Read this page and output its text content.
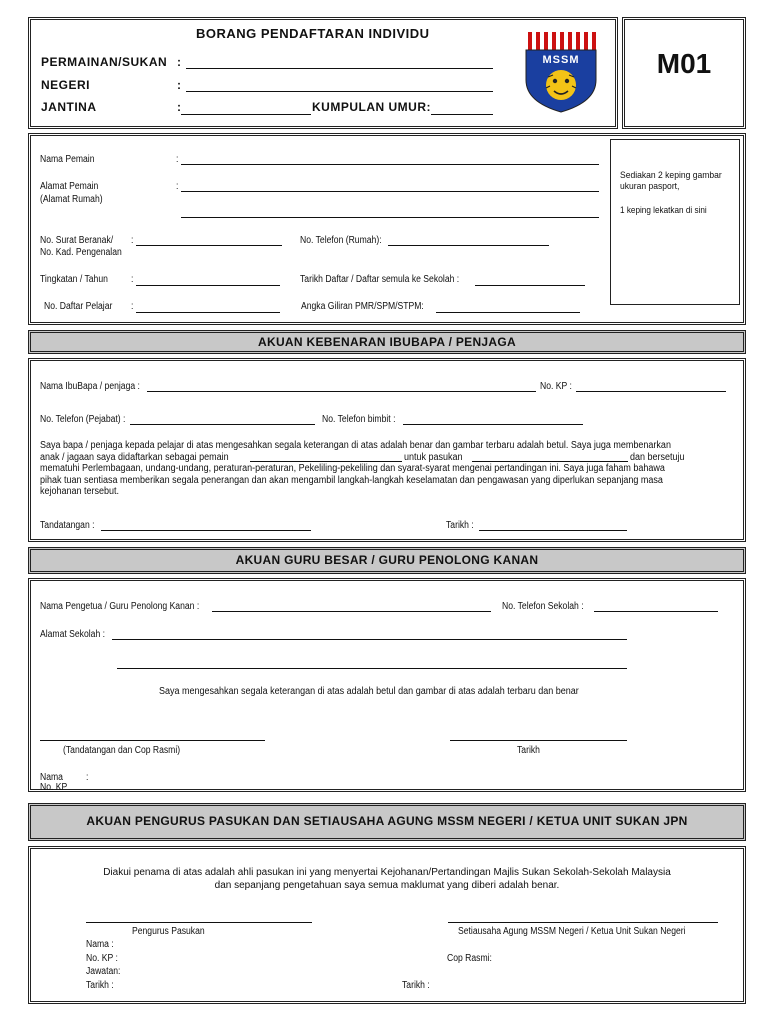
BORANG PENDAFTARAN INDIVIDU
PERMAINAN/SUKAN :
NEGERI	:
JANTINA	:	KUMPULAN UMUR:
MSSM	M01
Nama Pemain	:
Alamat Pemain
(Alamat Rumah)
:
No. Surat Beranak/
No. Kad. Pengenalan
:	No. Telefon (Rumah):
Tingkatan / Tahun :	Tarikh Daftar / Daftar semula ke Sekolah :
No. Daftar Pelajar :	Angka Giliran PMR/SPM/STPM:
Sediakan 2 keping gambar ukuran pasport,
1 keping lekatkan di sini
AKUAN KEBENARAN IBUBAPA / PENJAGA
Nama IbuBapa / penjaga :	No. KP :
No. Telefon (Pejabat) :	No. Telefon bimbit :
Saya bapa / penjaga kepada pelajar di atas mengesahkan segala keterangan di atas adalah benar dan gambar terbaru adalah betul. Saya juga membenarkan
anak / jagaan saya didaftarkan sebagai pemain	untuk pasukan	dan bersetuju
mematuhi Perlembagaan, undang-undang, peraturan-peraturan, Pekeliling-pekeliling dan syarat-syarat mengenai pertandingan ini. Saya juga faham bahawa
pihak tuan sentiasa memberikan segala penerangan dan akan mengambil langkah-langkah keselamatan dan pengawasan yang diperlukan sepanjang masa
kejohanan tersebut.
Tandatangan :	Tarikh :
AKUAN GURU BESAR / GURU PENOLONG KANAN
Nama Pengetua / Guru Penolong Kanan :	No. Telefon Sekolah :
Alamat Sekolah :
Saya mengesahkan segala keterangan di atas adalah betul dan gambar di atas adalah terbaru dan benar
(Tandatangan dan Cop Rasmi)	Tarikh
Nama :
No. KP
AKUAN PENGURUS PASUKAN DAN SETIAUSAHA AGUNG MSSM NEGERI / KETUA UNIT SUKAN JPN
Diakui penama di atas adalah ahli pasukan ini yang menyertai Kejohanan/Pertandingan Majlis Sukan Sekolah-Sekolah Malaysia
dan sepanjang pengetahuan saya semua maklumat yang diberi adalah benar.
Pengurus Pasukan	Setiausaha Agung MSSM Negeri / Ketua Unit Sukan Negeri
Nama :
No. KP :	Cop Rasmi:
Jawatan:
Tarikh :	Tarikh :
